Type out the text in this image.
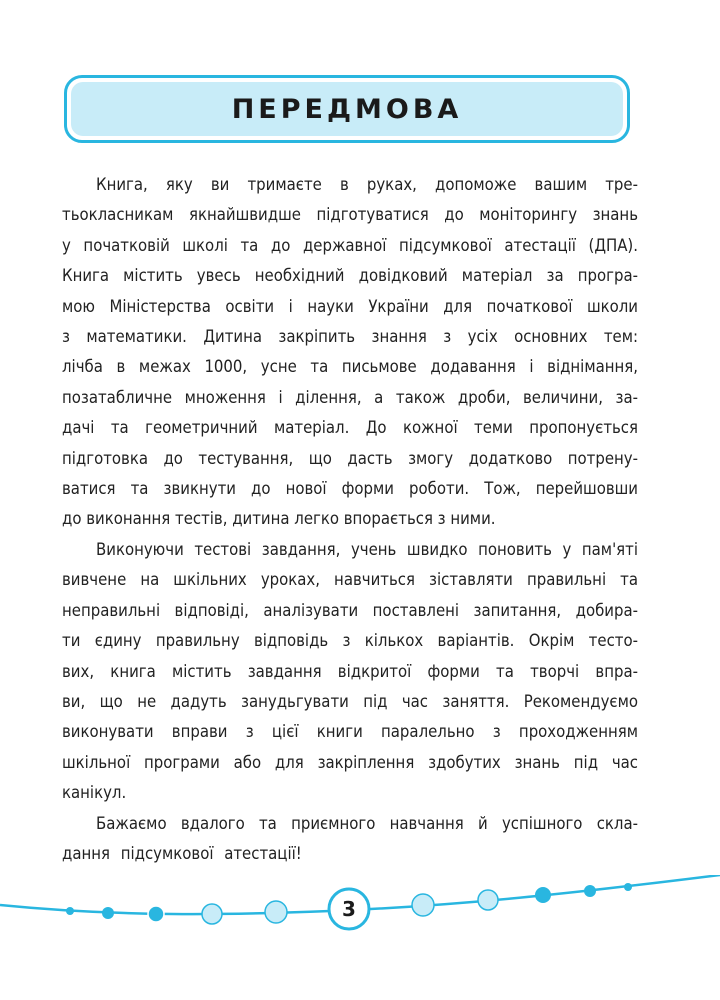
ПЕРЕДМОВА
Книга, яку ви тримаєте в руках, допоможе вашим тре-
тьокласникам якнайшвидше підготуватися до моніторингу знань
у початковій школі та до державної підсумкової атестації (ДПА).
Книга містить увесь необхідний довідковий матеріал за програ-
мою Міністерства освіти і науки України для початкової школи
з математики. Дитина закріпить знання з усіх основних тем:
лічба в межах 1000, усне та письмове додавання і віднімання,
позатабличне множення і ділення, а також дроби, величини, за-
дачі та геометричний матеріал. До кожної теми пропонується
підготовка до тестування, що дасть змогу додатково потрену-
ватися та звикнути до нової форми роботи. Тож, перейшовши
до виконання тестів, дитина легко впорається з ними.
Виконуючи тестові завдання, учень швидко поновить у пам'яті
вивчене на шкільних уроках, навчиться зіставляти правильні та
неправильні відповіді, аналізувати поставлені запитання, добира-
ти єдину правильну відповідь з кількох варіантів. Окрім тесто-
вих, книга містить завдання відкритої форми та творчі впра-
ви, що не дадуть занудьгувати під час заняття. Рекомендуємо
виконувати вправи з цієї книги паралельно з проходженням
шкільної програми або для закріплення здобутих знань під час
канікул.
Бажаємо вдалого та приємного навчання й успішного скла-
дання підсумкової атестації!
3
